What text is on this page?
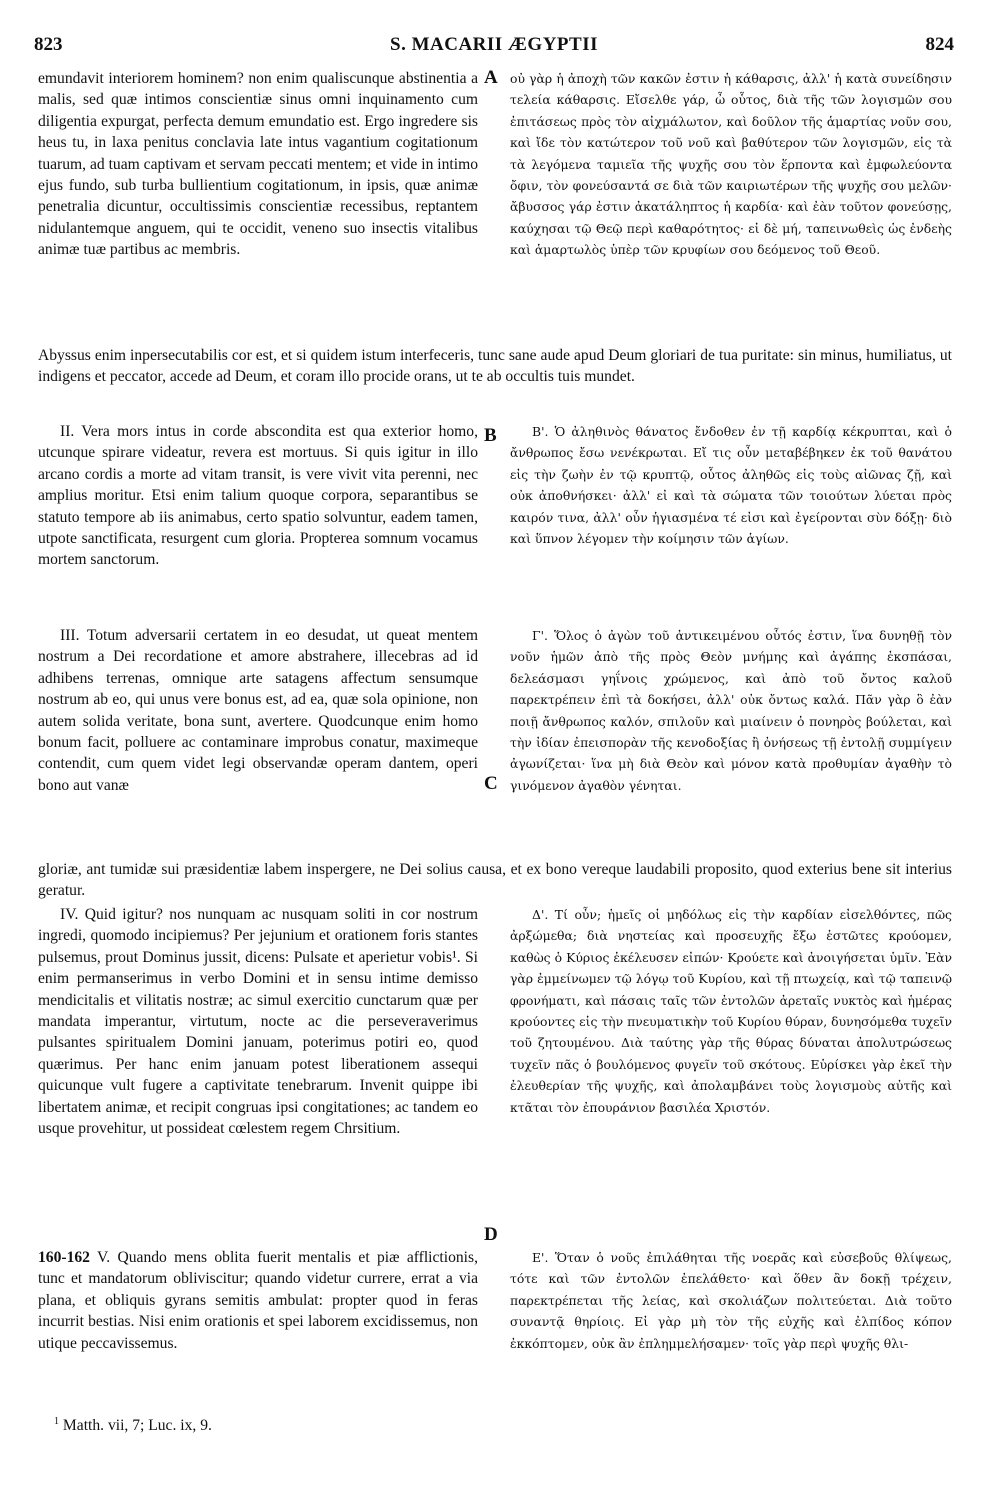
823	S. MACARII ÆGYPTII	824

emundavit interiorem hominem? non enim qualiscunque abstinentia a malis, sed quæ intimos conscientiæ sinus omni inquinamento cum diligentia expurgat, perfecta demum emundatio est. Ergo ingredere sis heus tu, in laxa penitus conclavia late intus vagantium cogitationum tuarum, ad tuam captivam et servam peccati mentem; et vide in intimo ejus fundo, sub turba bullientium cogitationum, in ipsis, quæ animæ penetralia dicuntur, occultissimis conscientiæ recessibus, reptantem nidulantemque anguem, qui te occidit, veneno suo insectis vitalibus animæ tuæ partibus ac membris.

A οὐ γὰρ ἡ ἀποχὴ τῶν κακῶν ἐστιν ἡ κάθαρσις, ἀλλ' ἡ κατὰ συνείδησιν τελεία κάθαρσις. Εἴσελθε γάρ, ὦ οὗτος, διὰ τῆς τῶν λογισμῶν σου ἐπιτάσεως πρὸς τὸν αἰχμάλωτον, καὶ δοῦλον τῆς ἁμαρτίας νοῦν σου, καὶ ἴδε τὸν κατώτερον τοῦ νοῦ καὶ βαθύτερον τῶν λογισμῶν, εἰς τὰ τὰ λεγόμενα ταμιεῖα τῆς ψυχῆς σου τὸν ἕρποντα καὶ ἐμφωλεύοντα ὄφιν, τὸν φονεύσαντά σε διὰ τῶν καιριωτέρων τῆς ψυχῆς σου μελῶν· ἄβυσσος γάρ ἐστιν ἀκατάληπτος ἡ καρδία· καὶ ἐὰν τοῦτον φονεύσῃς, καύχησαι τῷ Θεῷ περὶ καθαρότητος· εἰ δὲ μή, ταπεινωθεὶς ὡς ἐνδεὴς καὶ ἁμαρτωλὸς ὑπὲρ τῶν κρυφίων σου δεόμενος τοῦ Θεοῦ.

Abyssus enim inpersecutabilis cor est, et si quidem istum interfeceris, tunc sane aude apud Deum gloriari de tua puritate: sin minus, humiliatus, ut indigens et peccator, accede ad Deum, et coram illo procide orans, ut te ab occultis tuis mundet.

II. Vera mors intus in corde abscondita est qua exterior homo, utcunque spirare videatur, revera est mortuus. Si quis igitur in illo arcano cordis a morte ad vitam transit, is vere vivit vita perenni, nec amplius moritur. Etsi enim talium quoque corpora, separantibus se statuto tempore ab iis animabus, certo spatio solvuntur, eadem tamen, utpote sanctificata, resurgent cum gloria. Propterea somnum vocamus mortem sanctorum.

B	Β'. Ὁ ἀληθινὸς θάνατος ἔνδοθεν ἐν τῇ καρδίᾳ κέκρυπται, καὶ ὁ ἄνθρωπος ἔσω νενέκρωται. Εἴ τις οὖν μεταβέβηκεν ἐκ τοῦ θανάτου εἰς τὴν ζωὴν ἐν τῷ κρυπτῷ, οὗτος ἀληθῶς εἰς τοὺς αἰῶνας ζῇ, καὶ οὐκ ἀποθνήσκει· ἀλλ' εἰ καὶ τὰ σώματα τῶν τοιούτων λύεται πρὸς καιρόν τινα, ἀλλ' οὖν ἡγιασμένα τέ εἰσι καὶ ἐγείρονται σὺν δόξῃ· διὸ καὶ ὕπνον λέγομεν τὴν κοίμησιν τῶν ἁγίων.

III. Totum adversarii certatem in eo desudat, ut queat mentem nostrum a Dei recordatione et amore abstrahere, illecebras ad id adhibens terrenas, omnique arte satagens affectum sensumque nostrum ab eo, qui unus vere bonus est, ad ea, quæ sola opinione, non autem solida veritate, bona sunt, avertere. Quodcunque enim homo bonum facit, polluere ac contaminare improbus conatur, maximeque contendit, cum quem videt legi observandæ operam dantem, operi bono aut vanæ	C

Γ'. Ὅλος ὁ ἀγὼν τοῦ ἀντικειμένου οὗτός ἐστιν, ἵνα δυνηθῇ τὸν νοῦν ἡμῶν ἀπὸ τῆς πρὸς Θεὸν μνήμης καὶ ἀγάπης ἐκσπάσαι, δελεάσμασι γηΐνοις χρώμενος, καὶ ἀπὸ τοῦ ὄντος καλοῦ παρεκτρέπειν ἐπὶ τὰ δοκήσει, ἀλλ' οὐκ ὄντως καλά. Πᾶν γὰρ ὃ ἐὰν ποιῇ ἄνθρωπος καλόν, σπιλοῦν καὶ μιαίνειν ὁ πονηρὸς βούλεται, καὶ τὴν ἰδίαν ἐπεισπορὰν τῆς κενοδοξίας ἢ ὀνήσεως τῇ ἐντολῇ συμμίγειν ἀγωνίζεται· ἵνα μὴ διὰ Θεὸν καὶ μόνον κατὰ προθυμίαν ἀγαθὴν τὸ γινόμενον ἀγαθὸν γένηται.

gloriæ, ant tumidæ sui præsidentiæ labem inspergere, ne Dei solius causa, et ex bono vereque laudabili proposito, quod exterius bene sit interius geratur.

IV. Quid igitur? nos nunquam ac nusquam soliti in cor nostrum ingredi, quomodo incipiemus? Per jejunium et orationem foris stantes pulsemus, prout Dominus jussit, dicens: Pulsate et aperietur vobis¹. Si enim permanserimus in verbo Domini et in sensu intime demisso mendicitalis et vilitatis nostræ; ac simul exercitio cunctarum quæ per mandata imperantur, virtutum, nocte ac die perseveraverimus pulsantes spiritualem Domini januam, poterimus potiri eo, quod quærimus. Per hanc enim januam potest liberationem assequi quicunque vult fugere a captivitate tenebrarum. Invenit quippe ibi libertatem animæ, et recipit congruas ipsi congitationes; ac tandem eo usque provehitur, ut possideat cœlestem regem Chrsitium.

D

Δ'. Τί οὖν; ἡμεῖς οἱ μηδόλως εἰς τὴν καρδίαν εἰσελθόντες, πῶς ἀρξώμεθα; διὰ νηστείας καὶ προσευχῆς ἔξω ἑστῶτες κρούομεν, καθὼς ὁ Κύριος ἐκέλευσεν εἰπών· Κρούετε καὶ ἀνοιγήσεται ὑμῖν. Ἐὰν γὰρ ἐμμείνωμεν τῷ λόγῳ τοῦ Κυρίου, καὶ τῇ πτωχείᾳ, καὶ τῷ ταπεινῷ φρονήματι, καὶ πάσαις ταῖς τῶν ἐντολῶν ἀρεταῖς νυκτὸς καὶ ἡμέρας κρούοντες εἰς τὴν πνευματικὴν τοῦ Κυρίου θύραν, δυνησόμεθα τυχεῖν τοῦ ζητουμένου. Διὰ ταύτης γὰρ τῆς θύρας δύναται ἀπολυτρώσεως τυχεῖν πᾶς ὁ βουλόμενος φυγεῖν τοῦ σκότους. Εὑρίσκει γὰρ ἐκεῖ τὴν ἐλευθερίαν τῆς ψυχῆς, καὶ ἀπολαμβάνει τοὺς λογισμοὺς αὐτῆς καὶ κτᾶται τὸν ἐπουράνιον βασιλέα Χριστόν.

160-162 V. Quando mens oblita fuerit mentalis et piæ afflictionis, tunc et mandatorum obliviscitur; quando videtur currere, errat a via plana, et obliquis gyrans semitis ambulat: propter quod in feras incurrit bestias. Nisi enim orationis et spei laborem excidissemus, non utique peccavissemus.

Ε'. Ὅταν ὁ νοῦς ἐπιλάθηται τῆς νοερᾶς καὶ εὐσεβοῦς θλίψεως, τότε καὶ τῶν ἐντολῶν ἐπελάθετο· καὶ ὅθεν ἂν δοκῇ τρέχειν, παρεκτρέπεται τῆς λείας, καὶ σκολιάζων πολιτεύεται. Διὰ τοῦτο συναντᾷ θηρίοις. Εἰ γὰρ μὴ τὸν τῆς εὐχῆς καὶ ἐλπίδος κόπον ἐκκόπτομεν, οὐκ ἂν ἐπλημμελήσαμεν· τοῖς γὰρ περὶ ψυχῆς θλι-

$^1$ Matth. vii, 7; Luc. ix, 9.
